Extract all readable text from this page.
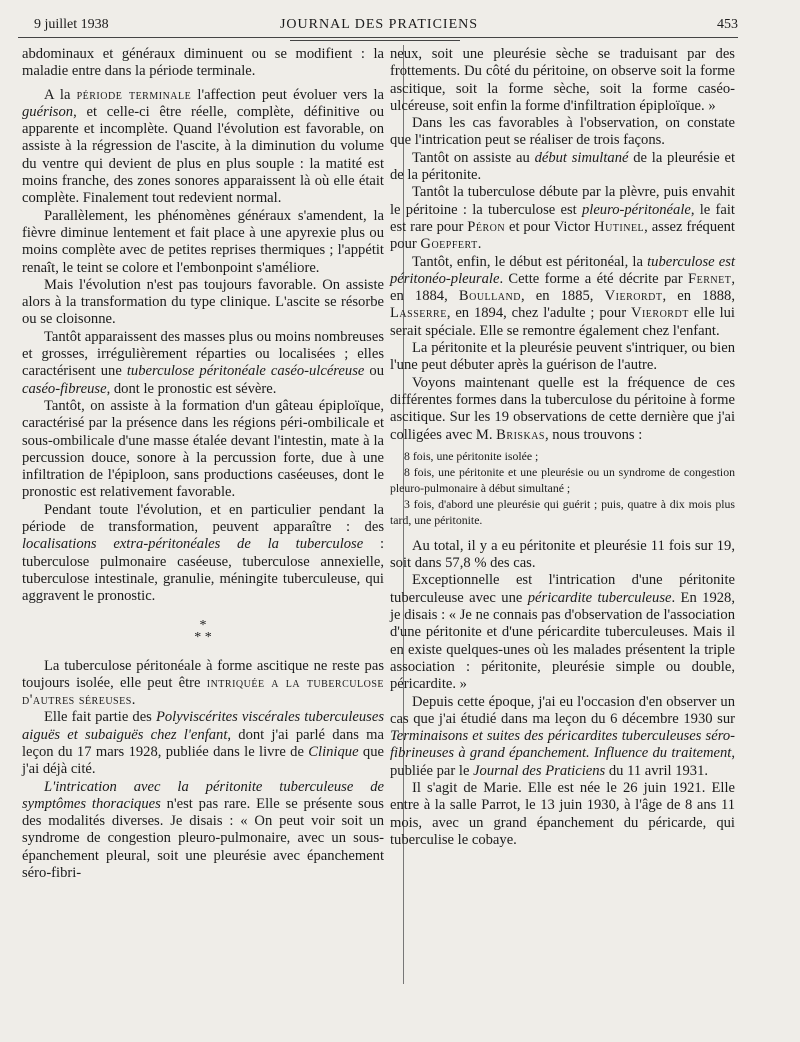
9 juillet 1938	JOURNAL DES PRATICIENS	453

abdominaux et généraux diminuent ou se modifient : la maladie entre dans la période terminale.

A la période terminale l'affection peut évoluer vers la guérison, et celle-ci être réelle, complète, définitive ou apparente et incomplète. Quand l'évolution est favorable, on assiste à la régression de l'ascite, à la diminution du volume du ventre qui devient de plus en plus souple : la matité est moins franche, des zones sonores apparaissent là où elle était complète. Finalement tout redevient normal.

Parallèlement, les phénomènes généraux s'amendent, la fièvre diminue lentement et fait place à une apyrexie plus ou moins complète avec de petites reprises thermiques ; l'appétit renaît, le teint se colore et l'embonpoint s'améliore.

Mais l'évolution n'est pas toujours favorable. On assiste alors à la transformation du type clinique. L'ascite se résorbe ou se cloisonne.

Tantôt apparaissent des masses plus ou moins nombreuses et grosses, irrégulièrement réparties ou localisées ; elles caractérisent une tuberculose péritonéale caséo-ulcéreuse ou caséo-fibreuse, dont le pronostic est sévère.

Tantôt, on assiste à la formation d'un gâteau épiploïque, caractérisé par la présence dans les régions péri-ombilicale et sous-ombilicale d'une masse étalée devant l'intestin, mate à la percussion douce, sonore à la percussion forte, due à une infiltration de l'épiploon, sans productions caséeuses, dont le pronostic est relativement favorable.

Pendant toute l'évolution, et en particulier pendant la période de transformation, peuvent apparaître : des localisations extra-péritonéales de la tuberculose : tuberculose pulmonaire caséeuse, tuberculose annexielle, tuberculose intestinale, granulie, méningite tuberculeuse, qui aggravent le pronostic.

*
* *

La tuberculose péritonéale à forme ascitique ne reste pas toujours isolée, elle peut être intriquée a la tuberculose d'autres séreuses.

Elle fait partie des Polyviscérites viscérales tuberculeuses aiguës et subaiguës chez l'enfant, dont j'ai parlé dans ma leçon du 17 mars 1928, publiée dans le livre de Clinique que j'ai déjà cité.

L'intrication avec la péritonite tuberculeuse de symptômes thoraciques n'est pas rare. Elle se présente sous des modalités diverses. Je disais : « On peut voir soit un syndrome de congestion pleuro-pulmonaire, avec un sous-épanchement pleural, soit une pleurésie avec épanchement séro-fibri-

neux, soit une pleurésie sèche se traduisant par des frottements. Du côté du péritoine, on observe soit la forme ascitique, soit la forme sèche, soit la forme caséo-ulcéreuse, soit enfin la forme d'infiltration épiploïque. »

Dans les cas favorables à l'observation, on constate que l'intrication peut se réaliser de trois façons.

Tantôt on assiste au début simultané de la pleurésie et de la péritonite.

Tantôt la tuberculose débute par la plèvre, puis envahit le péritoine : la tuberculose est pleuro-péritonéale, le fait est rare pour Péron et pour Victor Hutinel, assez fréquent pour Goepfert.

Tantôt, enfin, le début est péritonéal, la tuberculose est péritonéo-pleurale. Cette forme a été décrite par Fernet, en 1884, Boulland, en 1885, Vierordt, en 1888, Lasserre, en 1894, chez l'adulte ; pour Vierordt elle lui serait spéciale. Elle se remontre également chez l'enfant.

La péritonite et la pleurésie peuvent s'intriquer, ou bien l'une peut débuter après la guérison de l'autre.

Voyons maintenant quelle est la fréquence de ces différentes formes dans la tuberculose du péritoine à forme ascitique. Sur les 19 observations de cette dernière que j'ai colligées avec M. Briskas, nous trouvons :

8 fois, une péritonite isolée ;

8 fois, une péritonite et une pleurésie ou un syndrome de congestion pleuro-pulmonaire à début simultané ;

3 fois, d'abord une pleurésie qui guérit ; puis, quatre à dix mois plus tard, une péritonite.

Au total, il y a eu péritonite et pleurésie 11 fois sur 19, soit dans 57,8 % des cas.

Exceptionnelle est l'intrication d'une péritonite tuberculeuse avec une péricardite tuberculeuse. En 1928, je disais : « Je ne connais pas d'observation de l'association d'une péritonite et d'une péricardite tuberculeuses. Mais il en existe quelques-unes où les malades présentent la triple association : péritonite, pleurésie simple ou double, péricardite. »

Depuis cette époque, j'ai eu l'occasion d'en observer un cas que j'ai étudié dans ma leçon du 6 décembre 1930 sur Terminaisons et suites des péricardites tuberculeuses séro-fibrineuses à grand épanchement. Influence du traitement, publiée par le Journal des Praticiens du 11 avril 1931.

Il s'agit de Marie. Elle est née le 26 juin 1921. Elle entre à la salle Parrot, le 13 juin 1930, à l'âge de 8 ans 11 mois, avec un grand épanchement du péricarde, qui tuberculise le cobaye.
